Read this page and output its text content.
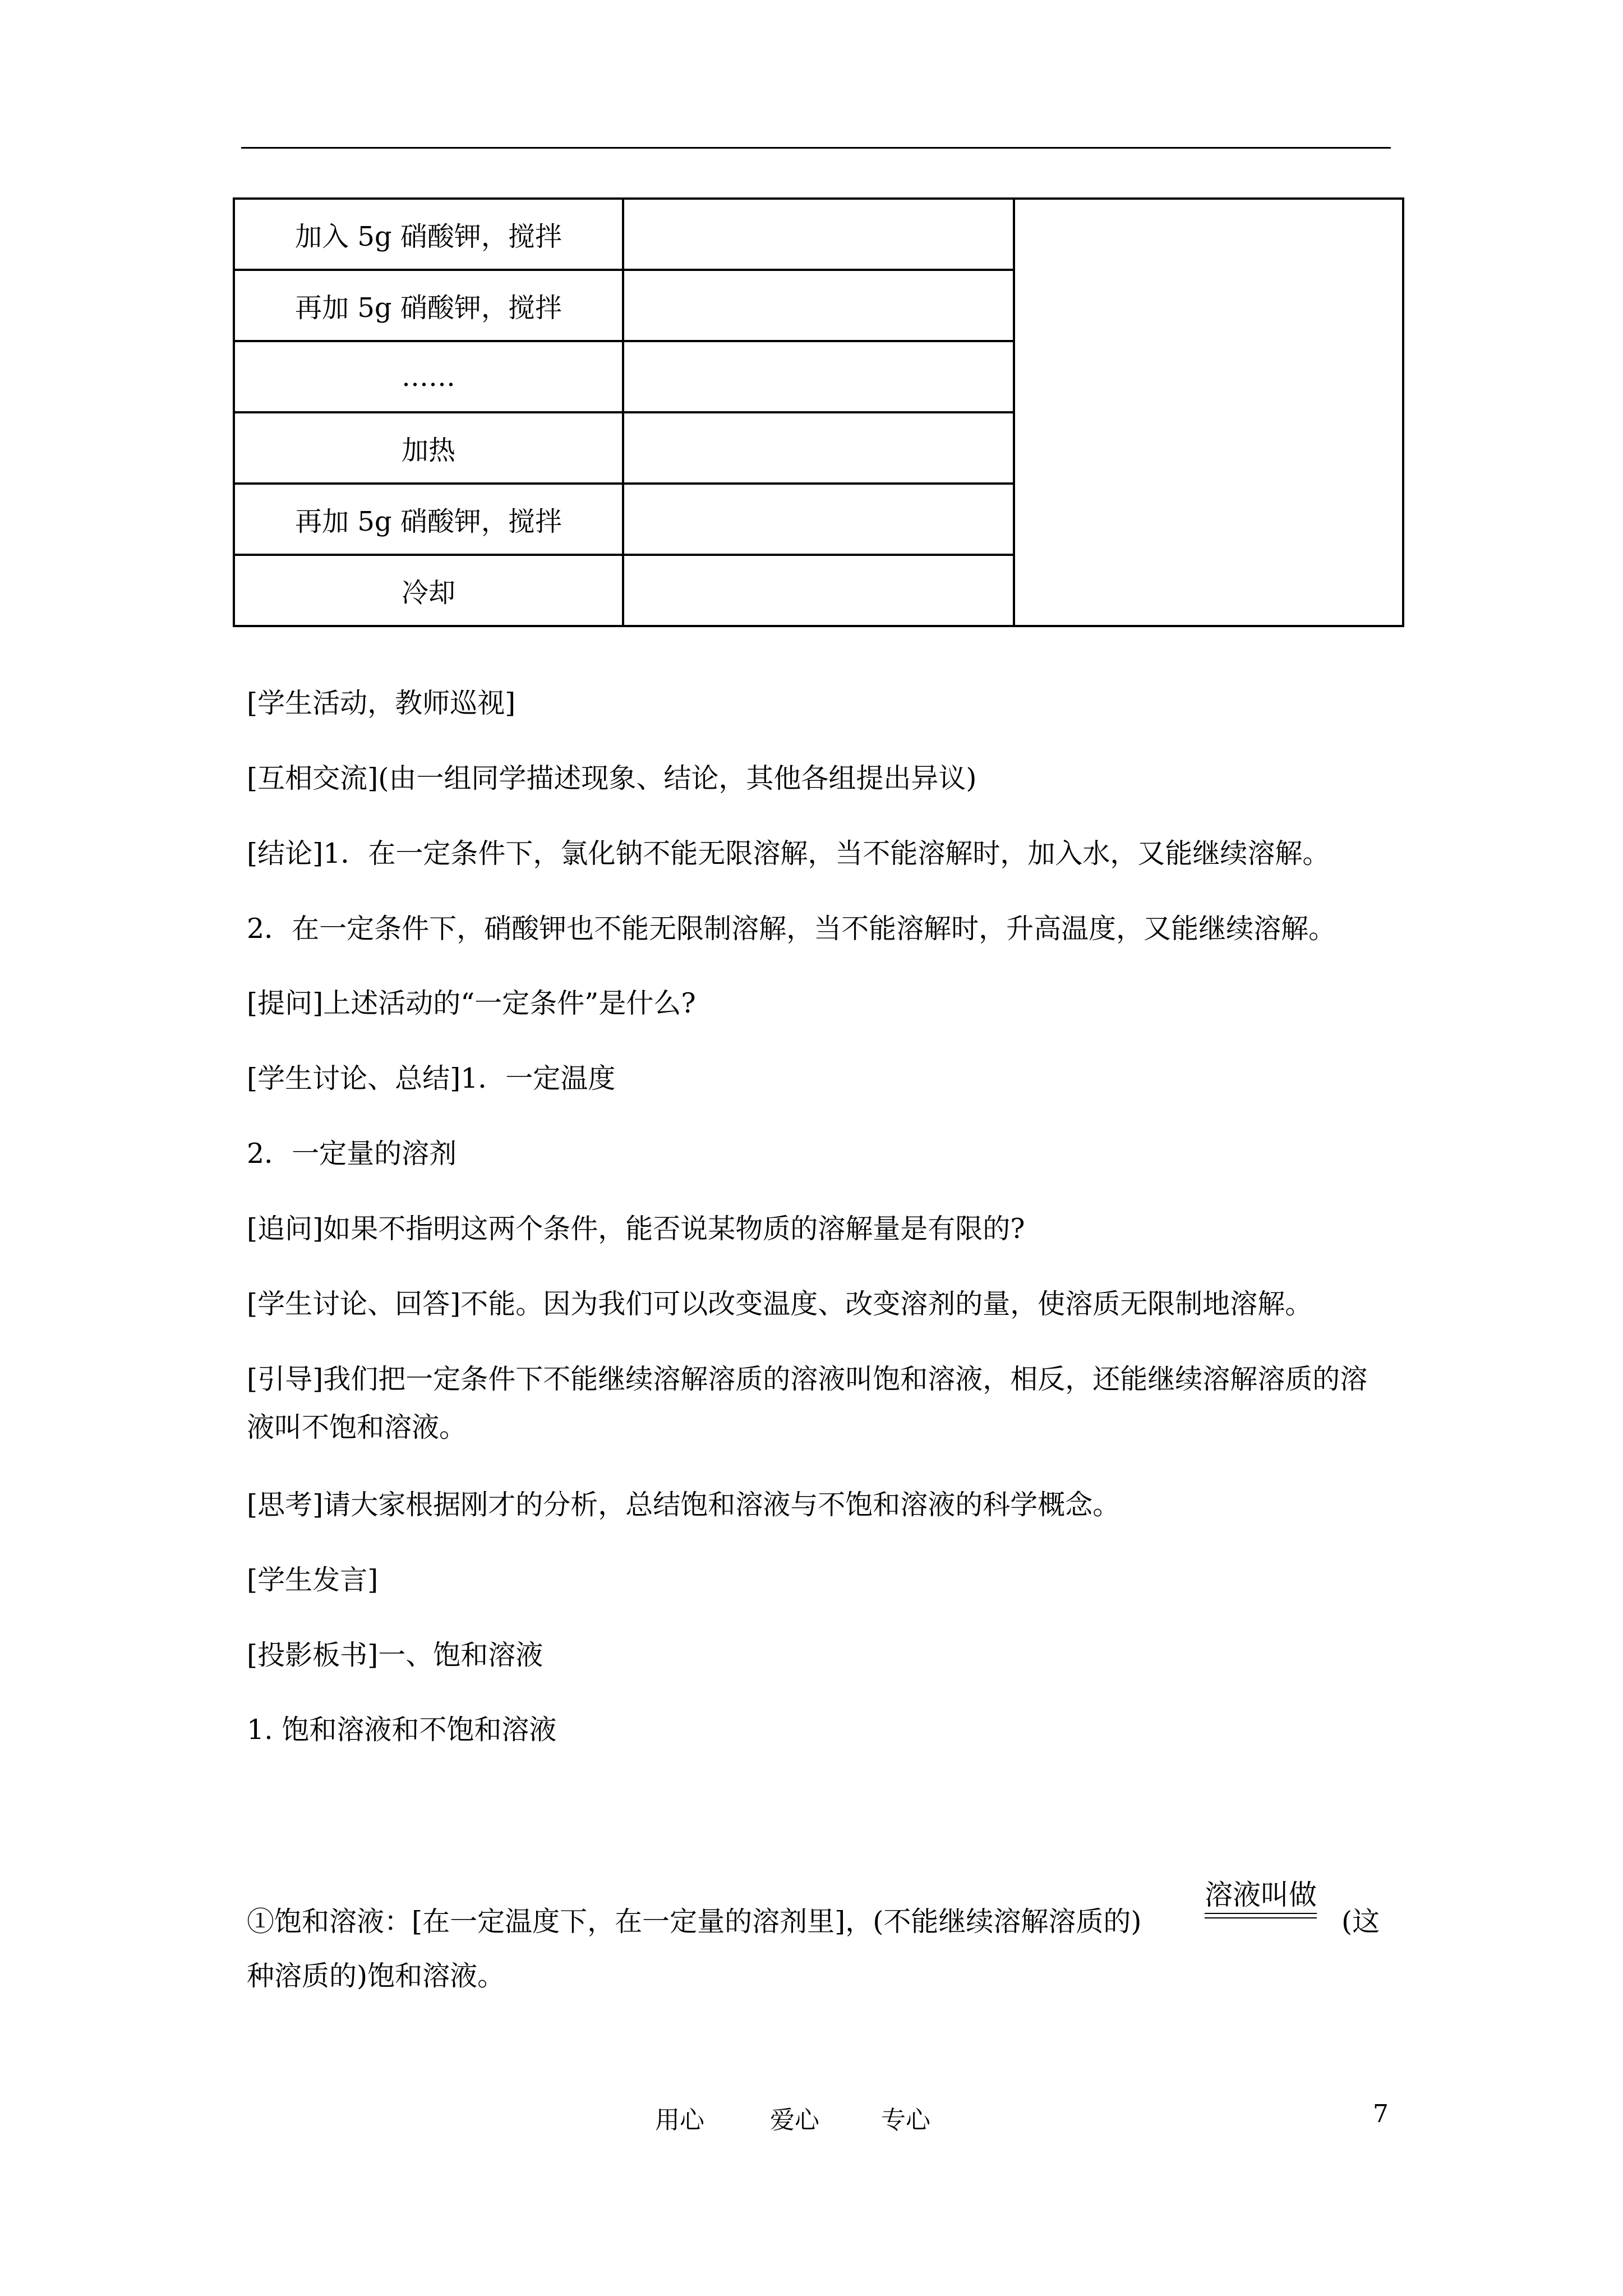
加入 5g 硝酸钾，搅拌		
再加 5g 硝酸钾，搅拌		
……		
加热		
再加 5g 硝酸钾，搅拌		
冷却		
[学生活动，教师巡视]
[互相交流](由一组同学描述现象、结论，其他各组提出异议)
[结论]1．在一定条件下，氯化钠不能无限溶解，当不能溶解时，加入水，又能继续溶解。
2．在一定条件下，硝酸钾也不能无限制溶解，当不能溶解时，升高温度，又能继续溶解。
[提问]上述活动的“一定条件”是什么?
[学生讨论、总结]1．一定温度
2．一定量的溶剂
[追问]如果不指明这两个条件，能否说某物质的溶解量是有限的?
[学生讨论、回答]不能。因为我们可以改变温度、改变溶剂的量，使溶质无限制地溶解。
[引导]我们把一定条件下不能继续溶解溶质的溶液叫饱和溶液，相反，还能继续溶解溶质的溶液叫不饱和溶液。
[思考]请大家根据刚才的分析，总结饱和溶液与不饱和溶液的科学概念。
[学生发言]
[投影板书]一、饱和溶液
1. 饱和溶液和不饱和溶液
①饱和溶液：[在一定温度下，在一定量的溶剂里]，(不能继续溶解溶质的)
溶液叫做
(这
种溶质的)饱和溶液。
用心	爱心	专心	7
